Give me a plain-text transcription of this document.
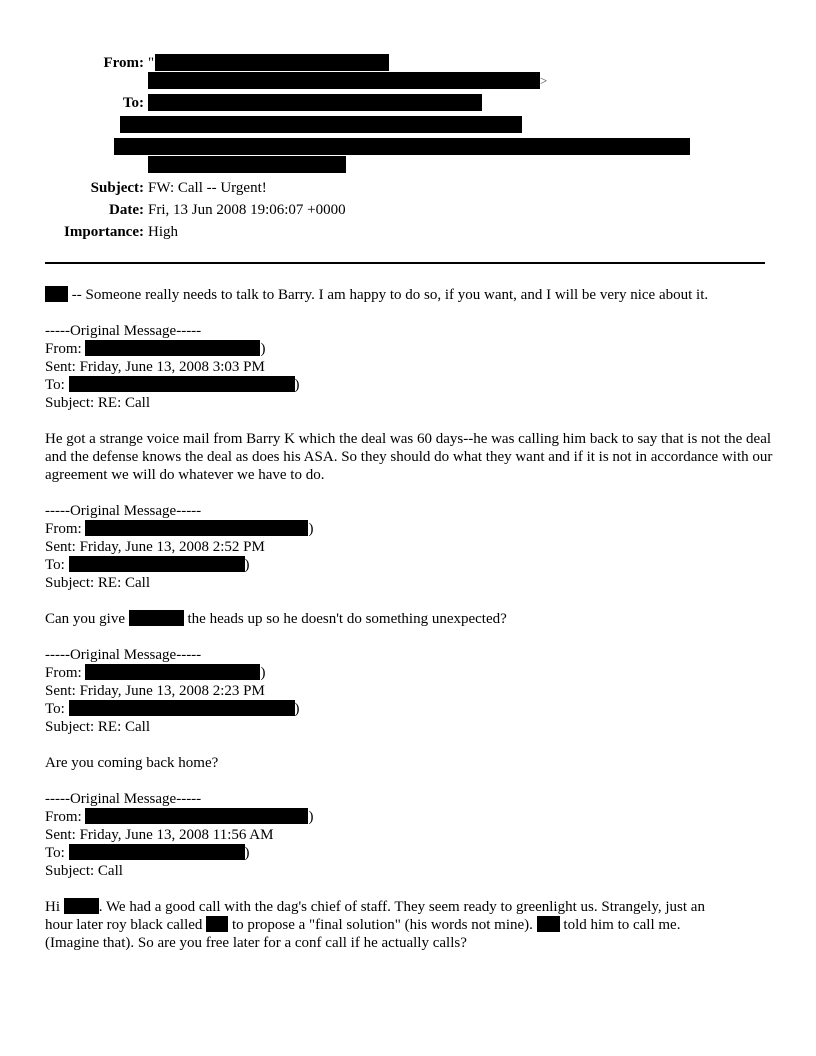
From: "
>
To:
Subject: FW: Call -- Urgent!
Date: Fri, 13 Jun 2008 19:06:07 +0000
Importance: High
-- Someone really needs to talk to Barry. I am happy to do so, if you want, and I will be very nice about it.
-----Original Message-----
From:	)
Sent: Friday, June 13, 2008 3:03 PM
To:	)
Subject: RE: Call
He got a strange voice mail from Barry K which the deal was 60 days--he was calling him back to say that is not the deal and the defense knows the deal as does his ASA. So they should do what they want and if it is not in accordance with our agreement we will do whatever we have to do.
-----Original Message-----
From:	)
Sent: Friday, June 13, 2008 2:52 PM
To:	)
Subject: RE: Call
Can you give	the heads up so he doesn't do something unexpected?
-----Original Message-----
From:	)
Sent: Friday, June 13, 2008 2:23 PM
To:	)
Subject: RE: Call
Are you coming back home?
-----Original Message-----
From:	)
Sent: Friday, June 13, 2008 11:56 AM
To:	)
Subject: Call
Hi . We had a good call with the dag's chief of staff. They seem ready to greenlight us. Strangely, just an
hour later roy black called  to propose a "final solution" (his words not mine).  told him to call me.
(Imagine that). So are you free later for a conf call if he actually calls?
